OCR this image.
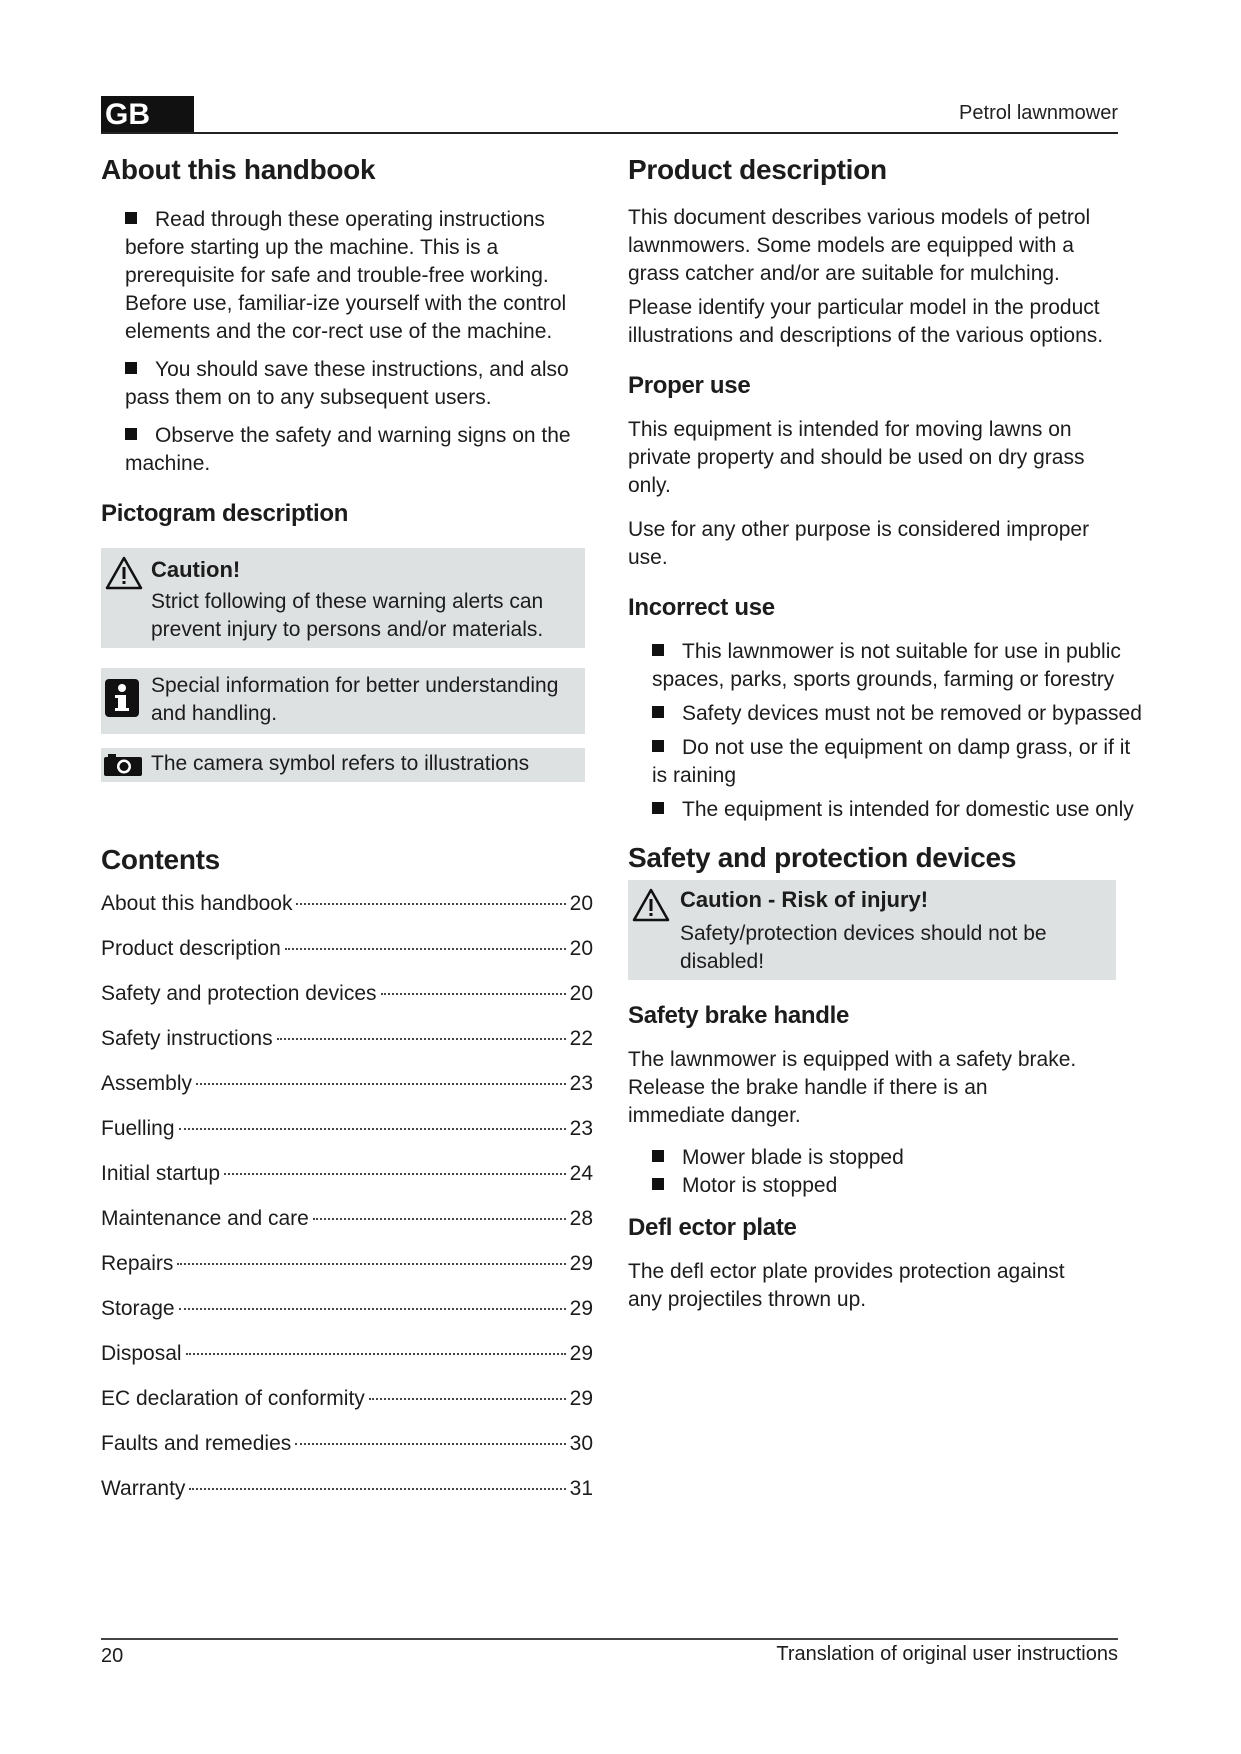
GB	Petrol lawnmower
About this handbook
Read through these operating instructions before starting up the machine. This is a prerequisite for safe and trouble-free working. Before use, familiar-ize yourself with the control elements and the cor-rect use of the machine.
You should save these instructions, and also pass them on to any subsequent users.
Observe the safety and warning signs on the machine.
Pictogram description
Caution!
Strict following of these warning alerts can prevent injury to persons and/or materials.
Special information for better understanding and handling.
The camera symbol refers to illustrations
Contents
About this handbook	20
Product description	20
Safety and protection devices	20
Safety instructions	22
Assembly	23
Fuelling	23
Initial startup	24
Maintenance and care	28
Repairs	29
Storage	29
Disposal	29
EC declaration of conformity	29
Faults and remedies	30
Warranty	31
Product description

This document describes various models of petrol lawnmowers. Some models are equipped with a grass catcher and/or are suitable for mulching.

Please identify your particular model in the product illustrations and descriptions of the various options.

Proper use

This equipment is intended for moving lawns on private property and should be used on dry grass only.

Use for any other purpose is considered improper use.

Incorrect use
This lawnmower is not suitable for use in public spaces, parks, sports grounds, farming or forestry
Safety devices must not be removed or bypassed
Do not use the equipment on damp grass, or if it is raining
The equipment is intended for domestic use only
Safety and protection devices
Caution - Risk of injury!
Safety/protection devices should not be disabled!
Safety brake handle

The lawnmower is equipped with a safety brake. Release the brake handle if there is an immediate danger.

Mower blade is stopped
Motor is stopped
Defl ector plate

The defl ector plate provides protection against any projectiles thrown up.

20	Translation of original user instructions
